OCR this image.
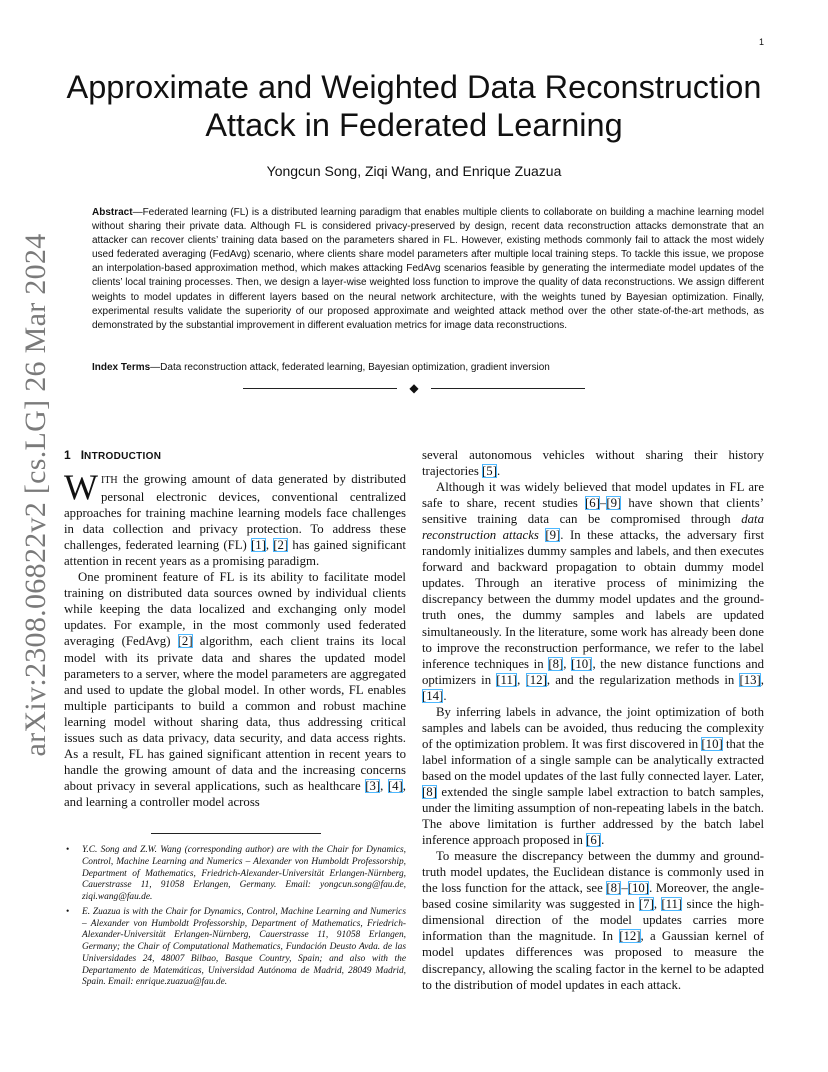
1
arXiv:2308.06822v2 [cs.LG] 26 Mar 2024
Approximate and Weighted Data Reconstruction
Attack in Federated Learning
Yongcun Song, Ziqi Wang, and Enrique Zuazua

Abstract—Federated learning (FL) is a distributed learning paradigm that enables multiple clients to collaborate on building a machine learning model without sharing their private data. Although FL is considered privacy-preserved by design, recent data reconstruction attacks demonstrate that an attacker can recover clients’ training data based on the parameters shared in FL. However, existing methods commonly fail to attack the most widely used federated averaging (FedAvg) scenario, where clients share model parameters after multiple local training steps. To tackle this issue, we propose an interpolation-based approximation method, which makes attacking FedAvg scenarios feasible by generating the intermediate model updates of the clients’ local training processes. Then, we design a layer-wise weighted loss function to improve the quality of data reconstructions. We assign different weights to model updates in different layers based on the neural network architecture, with the weights tuned by Bayesian optimization. Finally, experimental results validate the superiority of our proposed approximate and weighted attack method over the other state-of-the-art methods, as demonstrated by the substantial improvement in different evaluation metrics for image data reconstructions.

Index Terms—Data reconstruction attack, federated learning, Bayesian optimization, gradient inversion

◆

1 INTRODUCTION

WITH the growing amount of data generated by distributed personal electronic devices, conventional centralized approaches for training machine learning models face challenges in data collection and privacy protection. To address these challenges, federated learning (FL) [1], [2] has gained significant attention in recent years as a promising paradigm.

One prominent feature of FL is its ability to facilitate model training on distributed data sources owned by individual clients while keeping the data localized and exchanging only model updates. For example, in the most commonly used federated averaging (FedAvg) [2] algorithm, each client trains its local model with its private data and shares the updated model parameters to a server, where the model parameters are aggregated and used to update the global model. In other words, FL enables multiple participants to build a common and robust machine learning model without sharing data, thus addressing critical issues such as data privacy, data security, and data access rights. As a result, FL has gained significant attention in recent years to handle the growing amount of data and the increasing concerns about privacy in several applications, such as healthcare [3], [4], and learning a controller model across

• Y.C. Song and Z.W. Wang (corresponding author) are with the Chair for Dynamics, Control, Machine Learning and Numerics – Alexander von Humboldt Professorship, Department of Mathematics, Friedrich-Alexander-Universität Erlangen-Nürnberg, Cauerstrasse 11, 91058 Erlangen, Germany. Email: yongcun.song@fau.de, ziqi.wang@fau.de.

• E. Zuazua is with the Chair for Dynamics, Control, Machine Learning and Numerics – Alexander von Humboldt Professorship, Department of Mathematics, Friedrich-Alexander-Universität Erlangen-Nürnberg, Cauerstrasse 11, 91058 Erlangen, Germany; the Chair of Computational Mathematics, Fundación Deusto Avda. de las Universidades 24, 48007 Bilbao, Basque Country, Spain; and also with the Departamento de Matemáticas, Universidad Autónoma de Madrid, 28049 Madrid, Spain. Email: enrique.zuazua@fau.de.

several autonomous vehicles without sharing their history trajectories [5].

Although it was widely believed that model updates in FL are safe to share, recent studies [6]–[9] have shown that clients’ sensitive training data can be compromised through data reconstruction attacks [9]. In these attacks, the adversary first randomly initializes dummy samples and labels, and then executes forward and backward propagation to obtain dummy model updates. Through an iterative process of minimizing the discrepancy between the dummy model updates and the ground-truth ones, the dummy samples and labels are updated simultaneously. In the literature, some work has already been done to improve the reconstruction performance, we refer to the label inference techniques in [8], [10], the new distance functions and optimizers in [11], [12], and the regularization methods in [13], [14].

By inferring labels in advance, the joint optimization of both samples and labels can be avoided, thus reducing the complexity of the optimization problem. It was first discovered in [10] that the label information of a single sample can be analytically extracted based on the model updates of the last fully connected layer. Later, [8] extended the single sample label extraction to batch samples, under the limiting assumption of non-repeating labels in the batch. The above limitation is further addressed by the batch label inference approach proposed in [6].

To measure the discrepancy between the dummy and ground-truth model updates, the Euclidean distance is commonly used in the loss function for the attack, see [8]–[10]. Moreover, the angle-based cosine similarity was suggested in [7], [11] since the high-dimensional direction of the model updates carries more information than the magnitude. In [12], a Gaussian kernel of model updates differences was proposed to measure the discrepancy, allowing the scaling factor in the kernel to be adapted to the distribution of model updates in each attack.
